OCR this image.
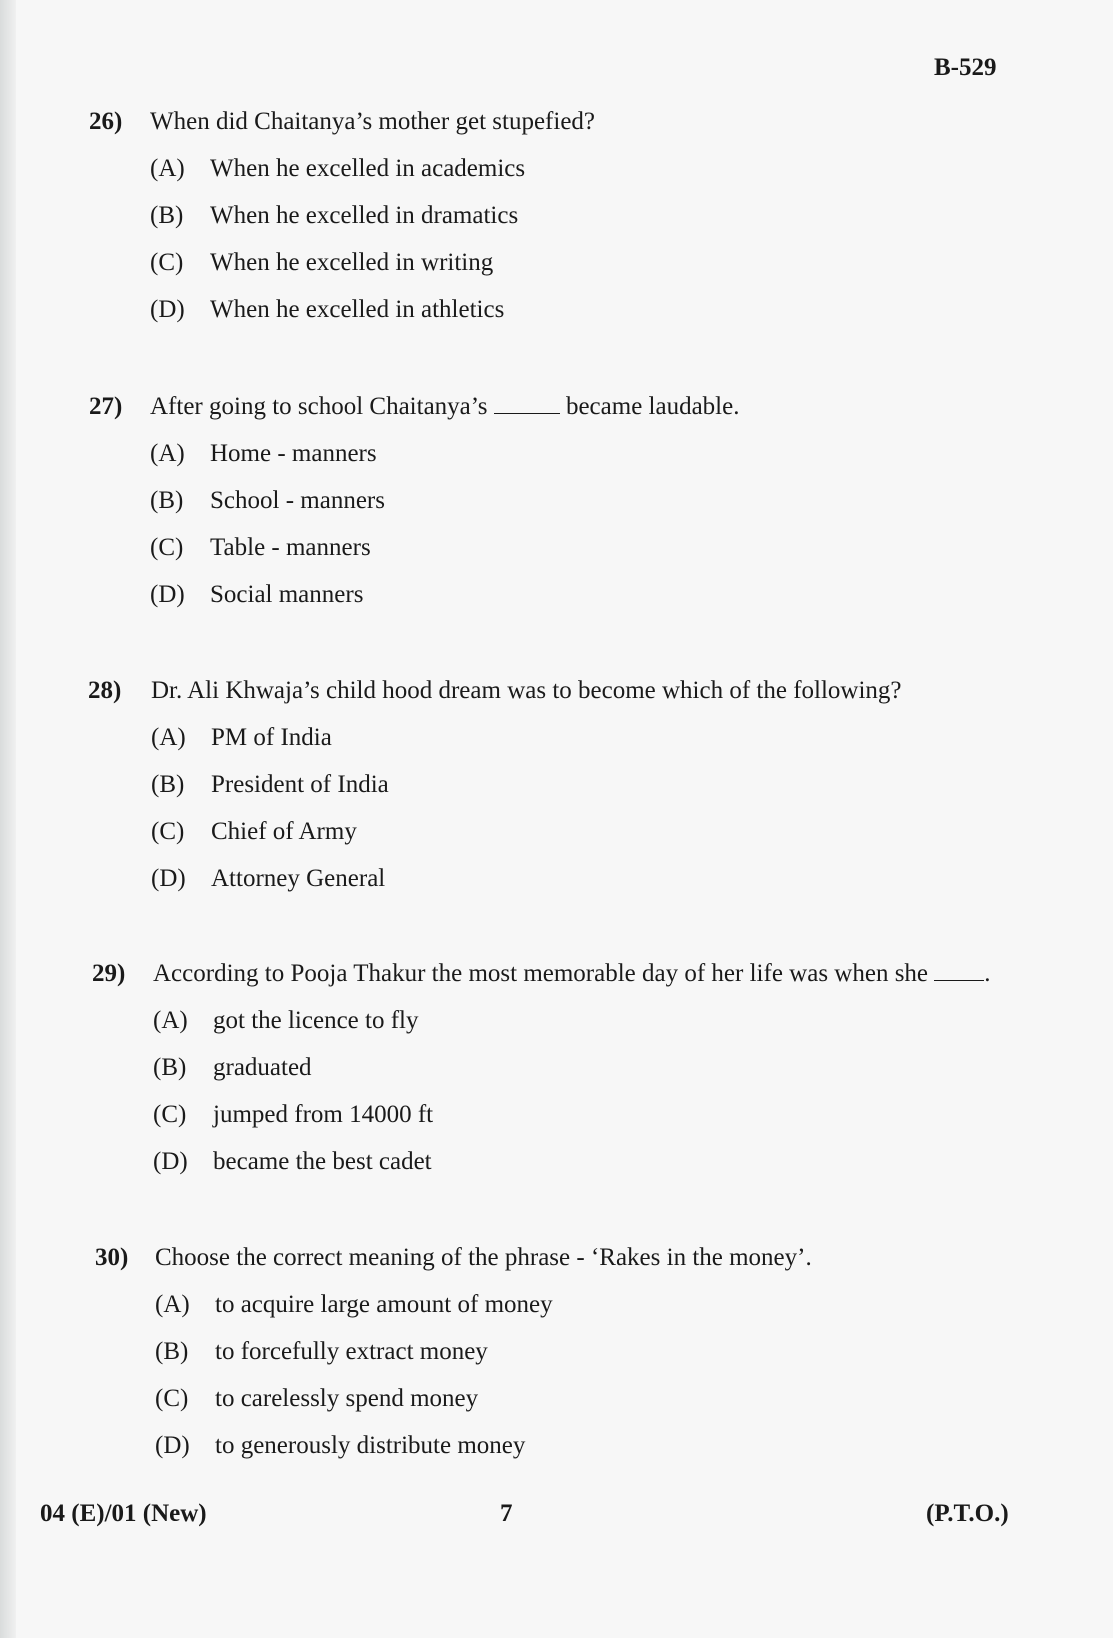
B-529
26) When did Chaitanya’s mother get stupefied?
(A) When he excelled in academics
(B) When he excelled in dramatics
(C) When he excelled in writing
(D) When he excelled in athletics
27) After going to school Chaitanya’s	became laudable.
(A) Home - manners
(B) School - manners
(C) Table - manners
(D) Social manners
28) Dr. Ali Khwaja’s child hood dream was to become which of the following?
(A) PM of India
(B) President of India
(C) Chief of Army
(D) Attorney General
29) According to Pooja Thakur the most memorable day of her life was when she .
(A) got the licence to fly
(B) graduated
(C) jumped from 14000 ft
(D) became the best cadet
30) Choose the correct meaning of the phrase - ‘Rakes in the money’.
(A) to acquire large amount of money
(B) to forcefully extract money
(C) to carelessly spend money
(D) to generously distribute money
04 (E)/01 (New)	7	(P.T.O.)
